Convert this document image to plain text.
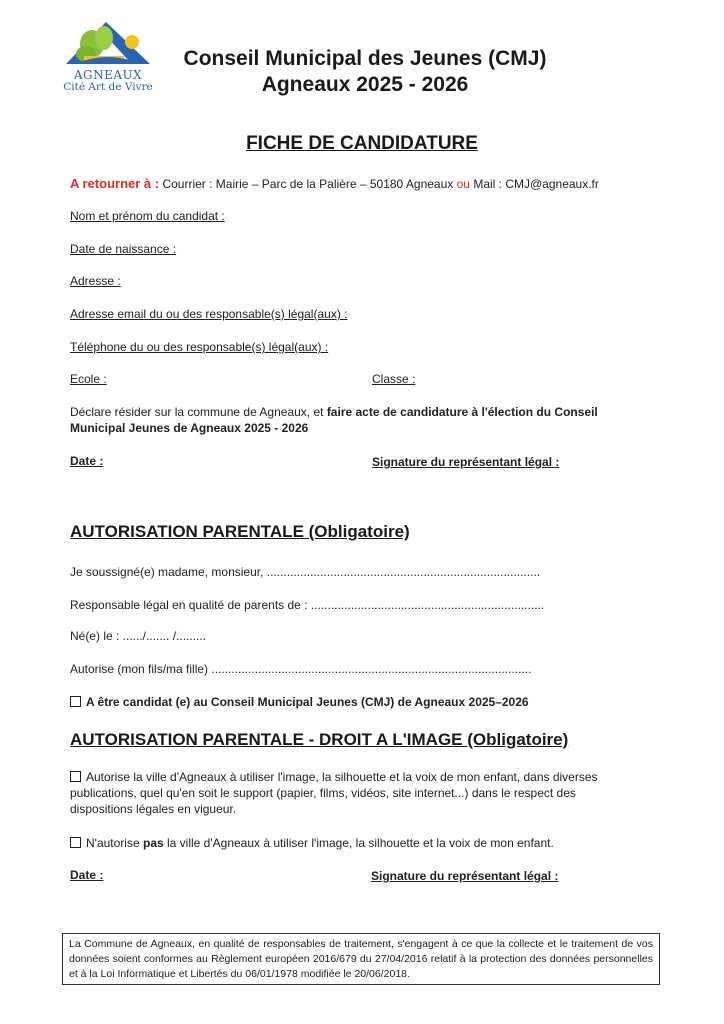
AGNEAUX
Cité Art de Vivre
Conseil Municipal des Jeunes (CMJ)
Agneaux 2025 - 2026
FICHE DE CANDIDATURE
A retourner à : Courrier : Mairie – Parc de la Palière – 50180 Agneaux ou Mail : CMJ@agneaux.fr
Nom et prénom du candidat :
Date de naissance :
Adresse :
Adresse email du ou des responsable(s) légal(aux) :
Téléphone du ou des responsable(s) légal(aux) :
Ecole :	Classe :
Déclare résider sur la commune de Agneaux, et faire acte de candidature à l'élection du Conseil
Municipal Jeunes de Agneaux 2025 - 2026
Date :	Signature du représentant légal :
AUTORISATION PARENTALE (Obligatoire)
Je soussigné(e) madame, monsieur, ..................................................................................
Responsable légal en qualité de parents de : ......................................................................
Né(e) le : ....../....... /.........
Autorise (mon fils/ma fille) ................................................................................................
A être candidat (e) au Conseil Municipal Jeunes (CMJ) de Agneaux 2025–2026
AUTORISATION PARENTALE - DROIT A L'IMAGE (Obligatoire)
Autorise la ville d'Agneaux à utiliser l'image, la silhouette et la voix de mon enfant, dans diverses
publications, quel qu'en soit le support (papier, films, vidéos, site internet...) dans le respect des
dispositions légales en vigueur.
N'autorise pas la ville d'Agneaux à utiliser l'image, la silhouette et la voix de mon enfant.
Date :	Signature du représentant légal :
La Commune de Agneaux, en qualité de responsables de traitement, s'engagent à ce que la collecte et le traitement de vos données soient conformes au Règlement européen 2016/679 du 27/04/2016 relatif à la protection des données personnelles et à la Loi Informatique et Libertés du 06/01/1978 modifiée le 20/06/2018.
